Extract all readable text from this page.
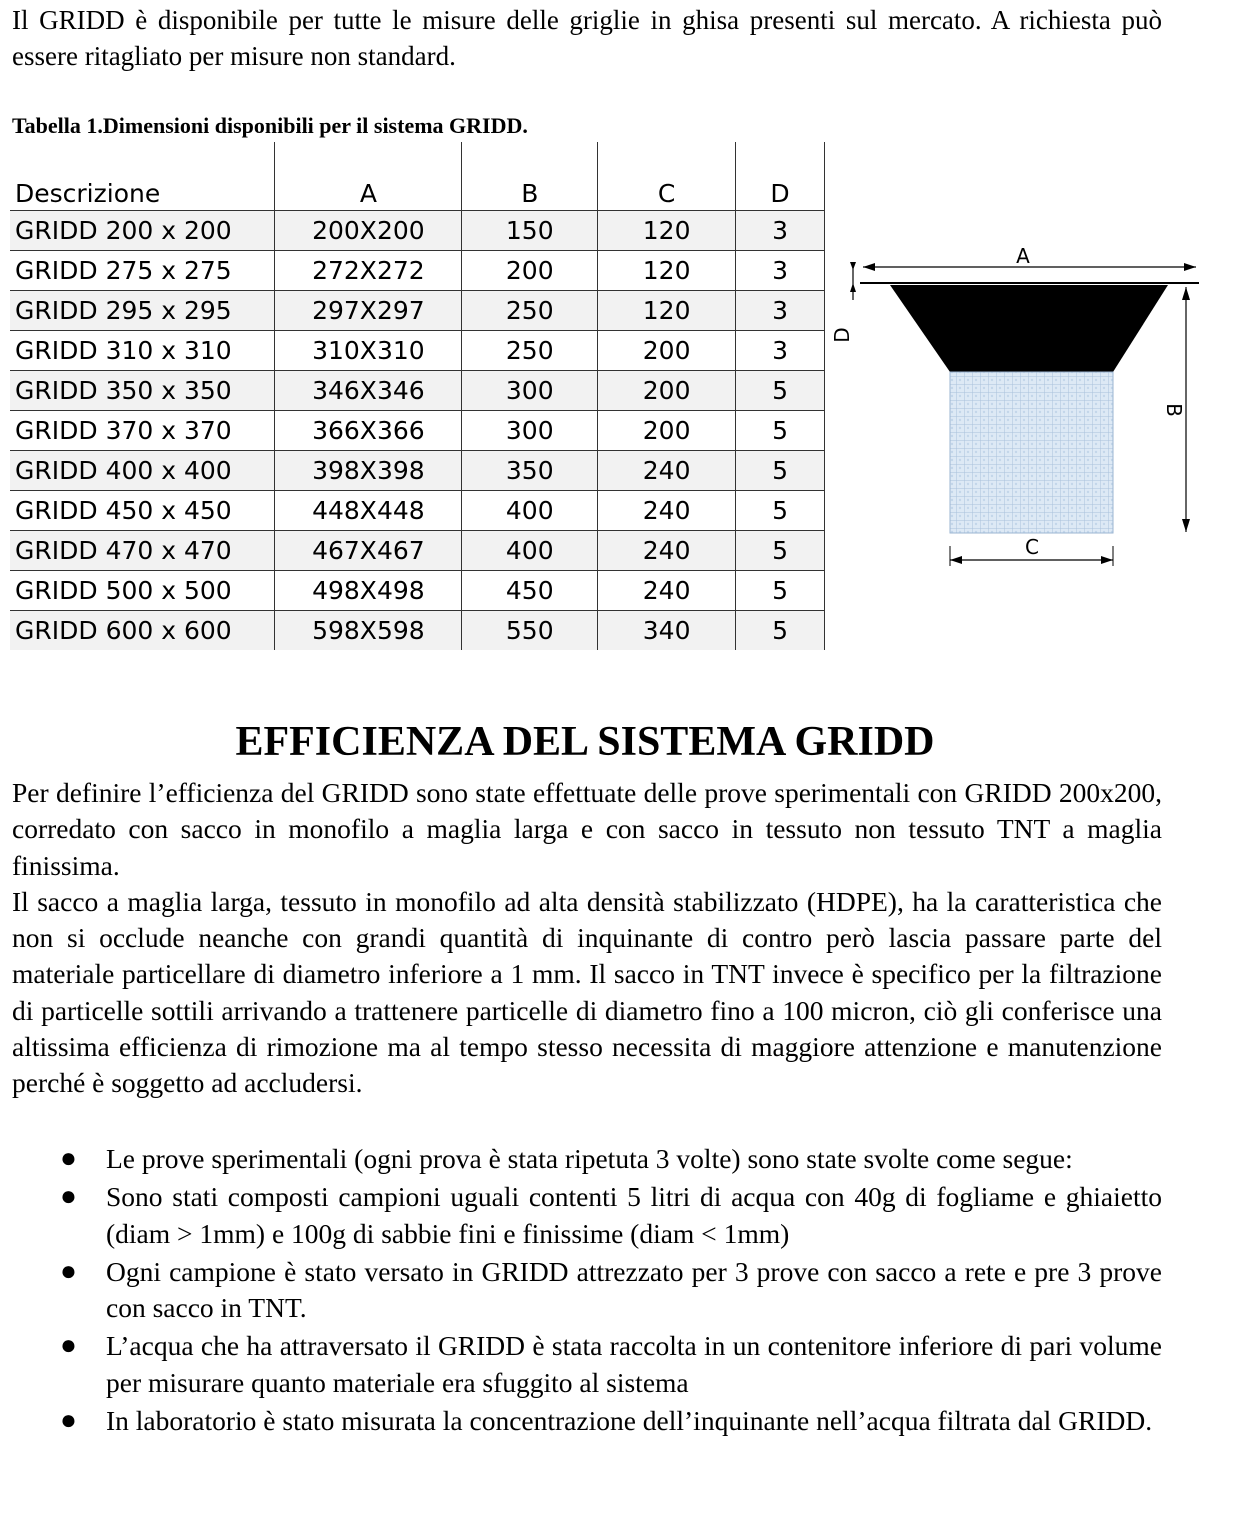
Il GRIDD è disponibile per tutte le misure delle griglie in ghisa presenti sul mercato. A richiesta può essere ritagliato per misure non standard.

Tabella 1.Dimensioni disponibili per il sistema GRIDD.

Descrizione	A	B	C	D
GRIDD 200 x 200	200X200	150	120	3
GRIDD 275 x 275	272X272	200	120	3
GRIDD 295 x 295	297X297	250	120	3
GRIDD 310 x 310	310X310	250	200	3
GRIDD 350 x 350	346X346	300	200	5
GRIDD 370 x 370	366X366	300	200	5
GRIDD 400 x 400	398X398	350	240	5
GRIDD 450 x 450	448X448	400	240	5
GRIDD 470 x 470	467X467	400	240	5
GRIDD 500 x 500	498X498	450	240	5
GRIDD 600 x 600	598X598	550	340	5
A
D
B
C
EFFICIENZA DEL SISTEMA GRIDD

Per definire l’efficienza del GRIDD sono state effettuate delle prove sperimentali con GRIDD 200x200, corredato con sacco in monofilo a maglia larga e con sacco in tessuto non tessuto TNT a maglia finissima.

Il sacco a maglia larga, tessuto in monofilo ad alta densità stabilizzato (HDPE), ha la caratteristica che non si occlude neanche con grandi quantità di inquinante di contro però lascia passare parte del materiale particellare di diametro inferiore a 1 mm. Il sacco in TNT invece è specifico per la filtrazione di particelle sottili arrivando a trattenere particelle di diametro fino a 100 micron, ciò gli conferisce una altissima efficienza di rimozione ma al tempo stesso necessita di maggiore attenzione e manutenzione perché è soggetto ad accludersi.

● Le prove sperimentali (ogni prova è stata ripetuta 3 volte) sono state svolte come segue:
● Sono stati composti campioni uguali contenti 5 litri di acqua con 40g di fogliame e ghiaietto (diam > 1mm) e 100g di sabbie fini e finissime (diam < 1mm)
● Ogni campione è stato versato in GRIDD attrezzato per 3 prove con sacco a rete e pre 3 prove con sacco in TNT.
● L’acqua che ha attraversato il GRIDD è stata raccolta in un contenitore inferiore di pari volume per misurare quanto materiale era sfuggito al sistema
● In laboratorio è stato misurata la concentrazione dell’inquinante nell’acqua filtrata dal GRIDD.
